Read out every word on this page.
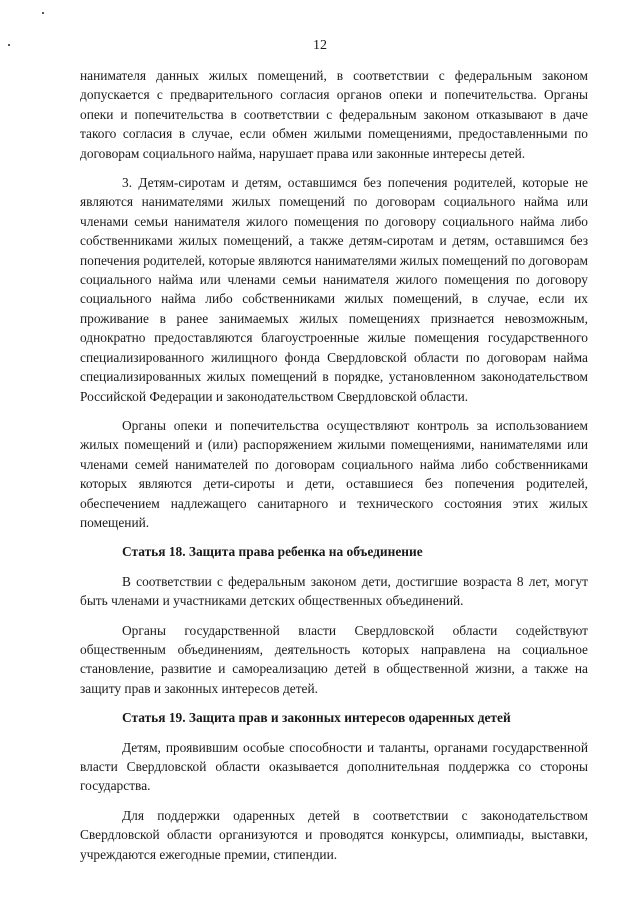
12

нанимателя данных жилых помещений, в соответствии с федеральным законом допускается с предварительного согласия органов опеки и попечительства. Органы опеки и попечительства в соответствии с федеральным законом отказывают в даче такого согласия в случае, если обмен жилыми помещениями, предоставленными по договорам социального найма, нарушает права или законные интересы детей.

3. Детям-сиротам и детям, оставшимся без попечения родителей, которые не являются нанимателями жилых помещений по договорам социального найма или членами семьи нанимателя жилого помещения по договору социального найма либо собственниками жилых помещений, а также детям-сиротам и детям, оставшимся без попечения родителей, которые являются нанимателями жилых помещений по договорам социального найма или членами семьи нанимателя жилого помещения по договору социального найма либо собственниками жилых помещений, в случае, если их проживание в ранее занимаемых жилых помещениях признается невозможным, однократно предоставляются благоустроенные жилые помещения государственного специализированного жилищного фонда Свердловской области по договорам найма специализированных жилых помещений в порядке, установленном законодательством Российской Федерации и законодательством Свердловской области.

Органы опеки и попечительства осуществляют контроль за использованием жилых помещений и (или) распоряжением жилыми помещениями, нанимателями или членами семей нанимателей по договорам социального найма либо собственниками которых являются дети-сироты и дети, оставшиеся без попечения родителей, обеспечением надлежащего санитарного и технического состояния этих жилых помещений.

Статья 18. Защита права ребенка на объединение

В соответствии с федеральным законом дети, достигшие возраста 8 лет, могут быть членами и участниками детских общественных объединений.

Органы государственной власти Свердловской области содействуют общественным объединениям, деятельность которых направлена на социальное становление, развитие и самореализацию детей в общественной жизни, а также на защиту прав и законных интересов детей.

Статья 19. Защита прав и законных интересов одаренных детей

Детям, проявившим особые способности и таланты, органами государственной власти Свердловской области оказывается дополнительная поддержка со стороны государства.

Для поддержки одаренных детей в соответствии с законодательством Свердловской области организуются и проводятся конкурсы, олимпиады, выставки, учреждаются ежегодные премии, стипендии.
